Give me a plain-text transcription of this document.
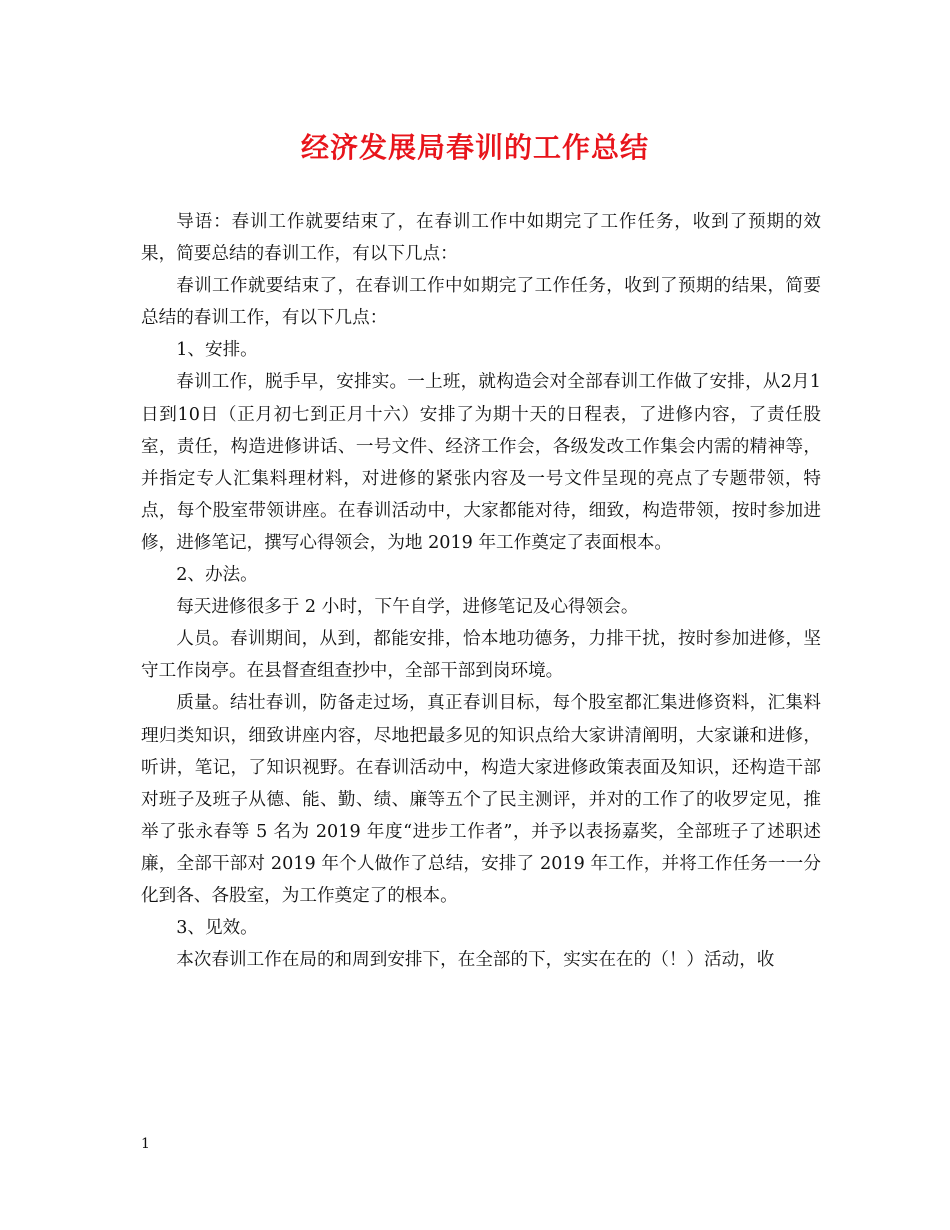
经济发展局春训的工作总结

导语：春训工作就要结束了，在春训工作中如期完了工作任务，收到了预期的效果，简要总结的春训工作，有以下几点：

春训工作就要结束了，在春训工作中如期完了工作任务，收到了预期的结果，简要总结的春训工作，有以下几点：

1、安排。

春训工作，脱手早，安排实。一上班，就构造会对全部春训工作做了安排，从2月1日到10日（正月初七到正月十六）安排了为期十天的日程表，了进修内容，了责任股室，责任，构造进修讲话、一号文件、经济工作会，各级发改工作集会内需的精神等，并指定专人汇集料理材料，对进修的紧张内容及一号文件呈现的亮点了专题带领，特点，每个股室带领讲座。在春训活动中，大家都能对待，细致，构造带领，按时参加进修，进修笔记，撰写心得领会，为地 2019 年工作奠定了表面根本。

2、办法。

每天进修很多于 2 小时，下午自学，进修笔记及心得领会。

人员。春训期间，从到，都能安排，恰本地功德务，力排干扰，按时参加进修，坚守工作岗亭。在县督查组查抄中，全部干部到岗环境。

质量。结壮春训，防备走过场，真正春训目标，每个股室都汇集进修资料，汇集料理归类知识，细致讲座内容，尽地把最多见的知识点给大家讲清阐明，大家谦和进修，听讲，笔记，了知识视野。在春训活动中，构造大家进修政策表面及知识，还构造干部对班子及班子从德、能、勤、绩、廉等五个了民主测评，并对的工作了的收罗定见，推举了张永春等 5 名为 2019 年度“进步工作者”，并予以表扬嘉奖，全部班子了述职述廉，全部干部对 2019 年个人做作了总结，安排了 2019 年工作，并将工作任务一一分化到各、各股室，为工作奠定了的根本。

3、见效。

本次春训工作在局的和周到安排下，在全部的下，实实在在的（！）活动，收

1
